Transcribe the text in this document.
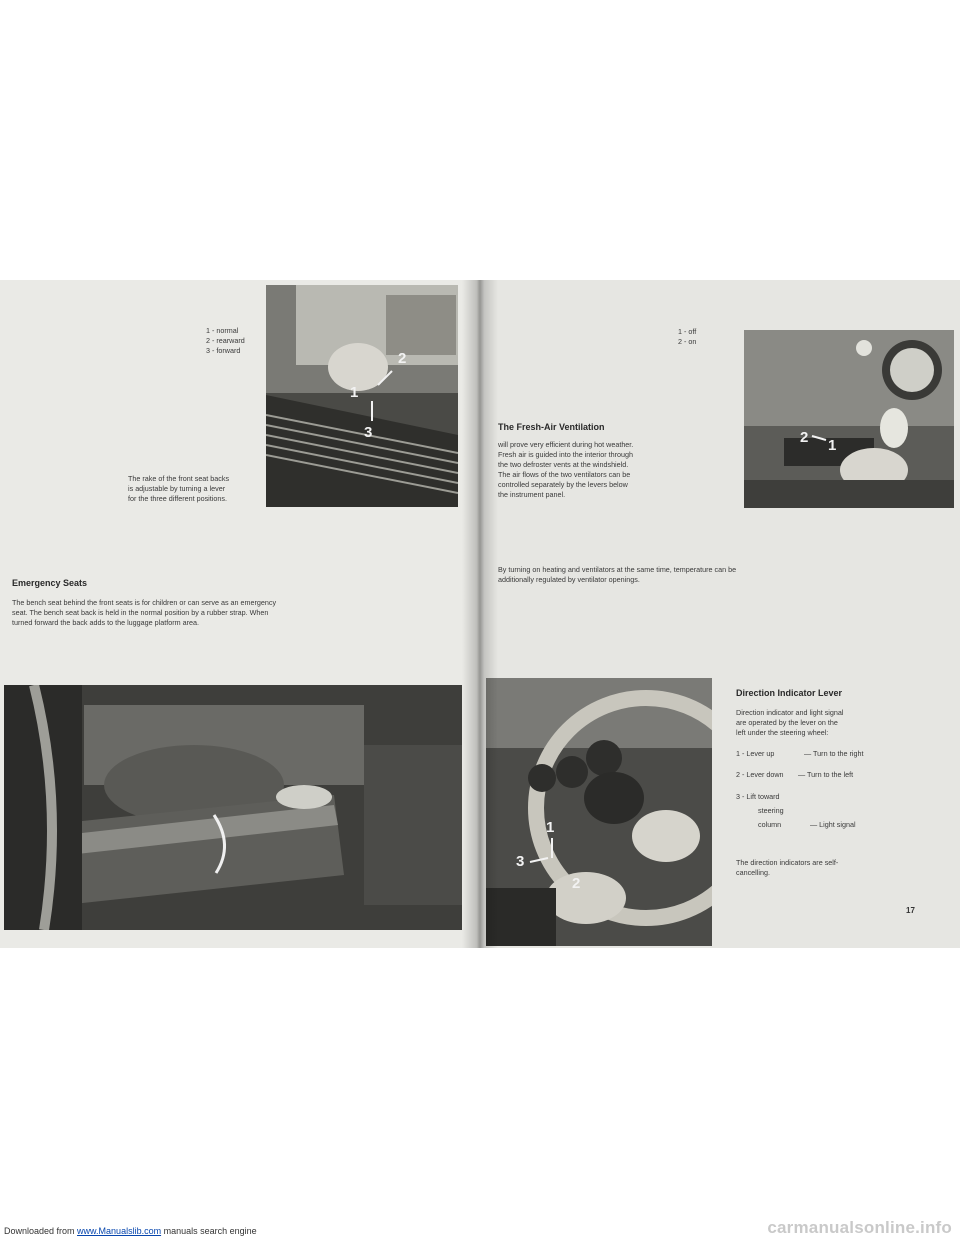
1 - normal
2 - rearward
3 - forward
The rake of the front seat backs
is adjustable by turning a lever
for the three different positions.
2
1
3
Emergency Seats
The bench seat behind the front seats is for children or can serve as an emergency
seat. The bench seat back is held in the normal position by a rubber strap. When
turned forward the back adds to the luggage platform area.
1 - off
2 - on
The Fresh-Air Ventilation
will prove very efficient during hot weather.
Fresh air is guided into the interior through
the two defroster vents at the windshield.
The air flows of the two ventilators can be
controlled separately by the levers below
the instrument panel.
By turning on heating and ventilators at the same time, temperature can be
additionally regulated by ventilator openings.
2 1
1
3
2
Direction Indicator Lever
Direction indicator and light signal
are operated by the lever on the
left under the steering wheel:
1 - Lever up	— Turn to the right
2 - Lever down — Turn to the left
3 - Lift toward
steering
column	— Light signal
The direction indicators are self-
cancelling.
17
Downloaded from www.Manualslib.com manuals search engine	carmanualsonline.info
